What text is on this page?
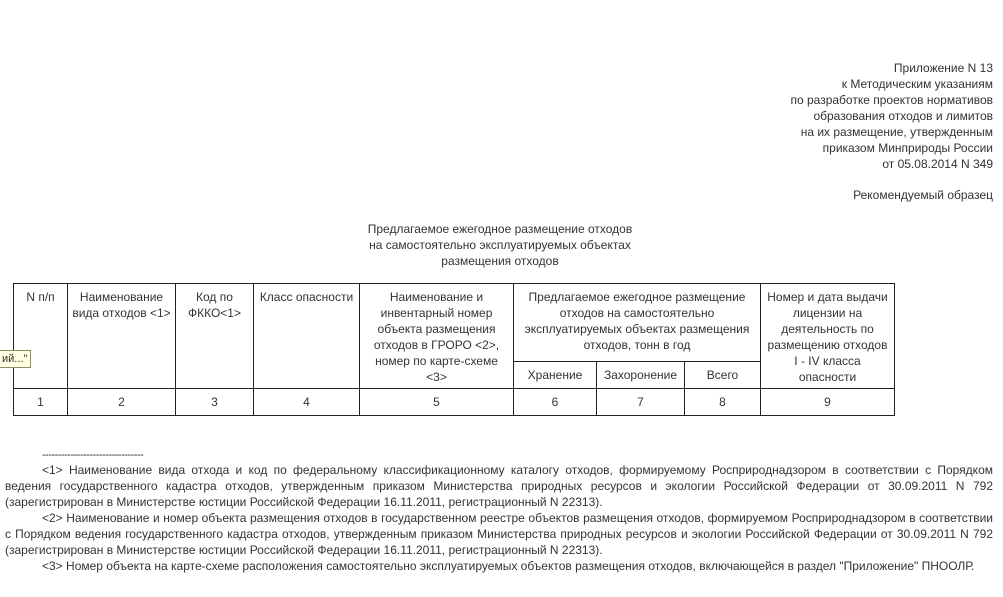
Приложение N 13
к Методическим указаниям
по разработке проектов нормативов
образования отходов и лимитов
на их размещение, утвержденным
приказом Минприроды России
от 05.08.2014 N 349
Рекомендуемый образец
Предлагаемое ежегодное размещение отходов
на самостоятельно эксплуатируемых объектах
размещения отходов
N п/п	Наименование вида отходов <1>	Код по ФККО<1>	Класс опасности	Наименование и инвентарный номер объекта размещения отходов в ГРОРО <2>, номер по карте-схеме <3>	Предлагаемое ежегодное размещение отходов на самостоятельно эксплуатируемых объектах размещения отходов, тонн в год			Номер и дата выдачи лицензии на деятельность по размещению отходов I - IV класса опасности
					Хранение	Захоронение	Всего	
1	2	3	4	5	6	7	8	9
ий..."
--------------------------------
<1> Наименование вида отхода и код по федеральному классификационному каталогу отходов, формируемому Росприроднадзором в соответствии с Порядком ведения государственного кадастра отходов, утвержденным приказом Министерства природных ресурсов и экологии Российской Федерации от 30.09.2011 N 792 (зарегистрирован в Министерстве юстиции Российской Федерации 16.11.2011, регистрационный N 22313).
<2> Наименование и номер объекта размещения отходов в государственном реестре объектов размещения отходов, формируемом Росприроднадзором в соответствии с Порядком ведения государственного кадастра отходов, утвержденным приказом Министерства природных ресурсов и экологии Российской Федерации от 30.09.2011 N 792 (зарегистрирован в Министерстве юстиции Российской Федерации 16.11.2011, регистрационный N 22313).
<3> Номер объекта на карте-схеме расположения самостоятельно эксплуатируемых объектов размещения отходов, включающейся в раздел "Приложение" ПНООЛР.
